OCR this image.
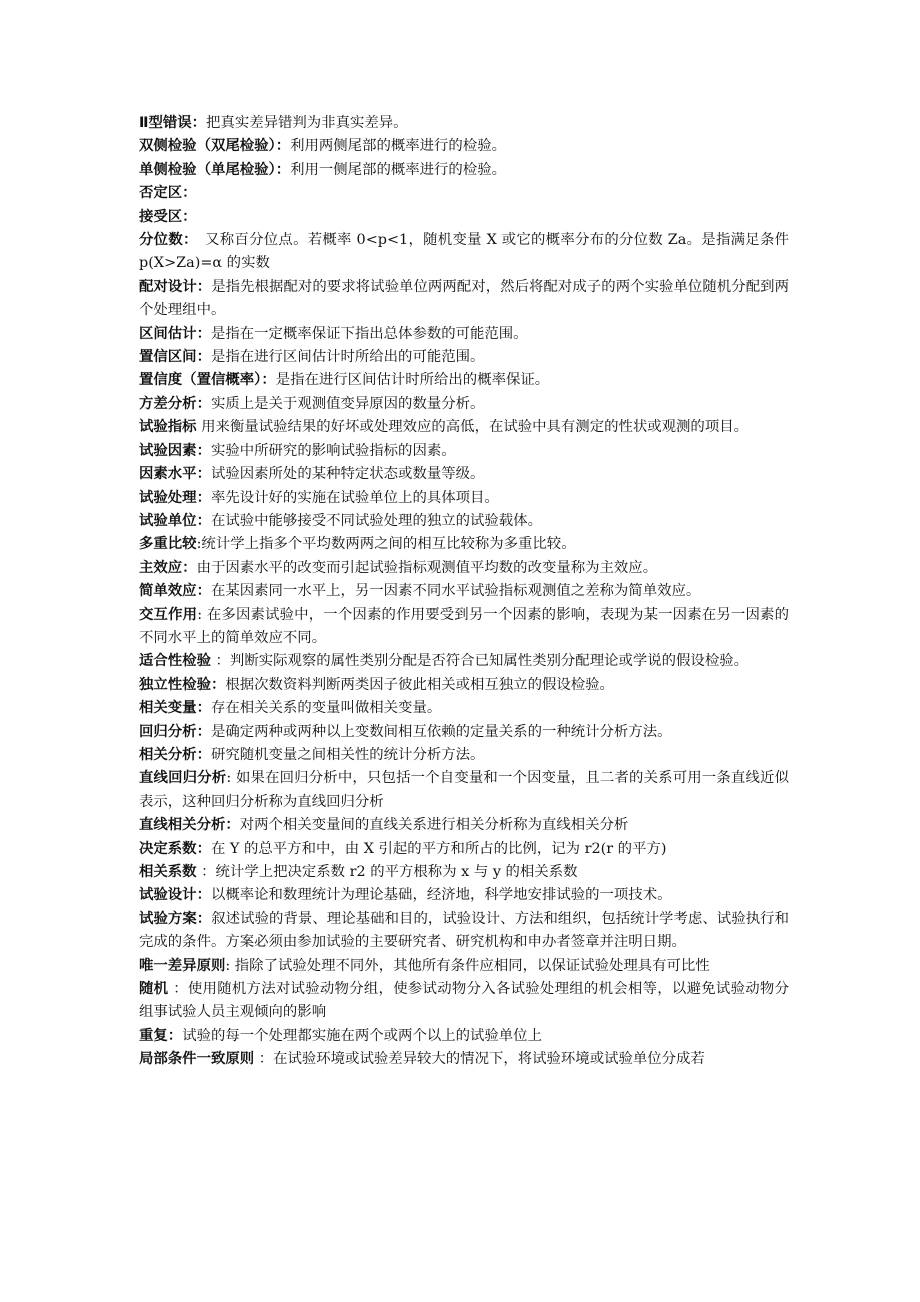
Ⅱ型错误：把真实差异错判为非真实差异。

双侧检验（双尾检验）：利用两侧尾部的概率进行的检验。

单侧检验（单尾检验）：利用一侧尾部的概率进行的检验。

否定区：

接受区：

分位数：　又称百分位点。若概率 0<p<1，随机变量 X 或它的概率分布的分位数 Za。是指满足条件 p(X>Za)=α 的实数

配对设计：是指先根据配对的要求将试验单位两两配对，然后将配对成子的两个实验单位随机分配到两个处理组中。

区间估计：是指在一定概率保证下指出总体参数的可能范围。

置信区间：是指在进行区间估计时所给出的可能范围。

置信度（置信概率）：是指在进行区间估计时所给出的概率保证。

方差分析：实质上是关于观测值变异原因的数量分析。

试验指标 用来衡量试验结果的好坏或处理效应的高低，在试验中具有测定的性状或观测的项目。

试验因素：实验中所研究的影响试验指标的因素。

因素水平：试验因素所处的某种特定状态或数量等级。

试验处理：率先设计好的实施在试验单位上的具体项目。

试验单位：在试验中能够接受不同试验处理的独立的试验载体。

多重比较:统计学上指多个平均数两两之间的相互比较称为多重比较。

主效应：由于因素水平的改变而引起试验指标观测值平均数的改变量称为主效应。

简单效应：在某因素同一水平上，另一因素不同水平试验指标观测值之差称为简单效应。

交互作用: 在多因素试验中，一个因素的作用要受到另一个因素的影响，表现为某一因素在另一因素的不同水平上的简单效应不同。

适合性检验 ：判断实际观察的属性类别分配是否符合已知属性类别分配理论或学说的假设检验。

独立性检验：根据次数资料判断两类因子彼此相关或相互独立的假设检验。

相关变量：存在相关关系的变量叫做相关变量。

回归分析：是确定两种或两种以上变数间相互依赖的定量关系的一种统计分析方法。

相关分析：研究随机变量之间相关性的统计分析方法。

直线回归分析: 如果在回归分析中，只包括一个自变量和一个因变量，且二者的关系可用一条直线近似表示，这种回归分析称为直线回归分析

直线相关分析：对两个相关变量间的直线关系进行相关分析称为直线相关分析

决定系数：在 Y 的总平方和中，由 X 引起的平方和所占的比例，记为 r2(r 的平方)

相关系数 ：统计学上把决定系数 r2 的平方根称为 x 与 y 的相关系数

试验设计：以概率论和数理统计为理论基础，经济地，科学地安排试验的一项技术。

试验方案：叙述试验的背景、理论基础和目的，试验设计、方法和组织，包括统计学考虑、试验执行和完成的条件。方案必须由参加试验的主要研究者、研究机构和申办者签章并注明日期。

唯一差异原则: 指除了试验处理不同外，其他所有条件应相同，以保证试验处理具有可比性

随机 ：使用随机方法对试验动物分组，使参试动物分入各试验处理组的机会相等，以避免试验动物分组事试验人员主观倾向的影响

重复：试验的每一个处理都实施在两个或两个以上的试验单位上

局部条件一致原则 ：在试验环境或试验差异较大的情况下，将试验环境或试验单位分成若
